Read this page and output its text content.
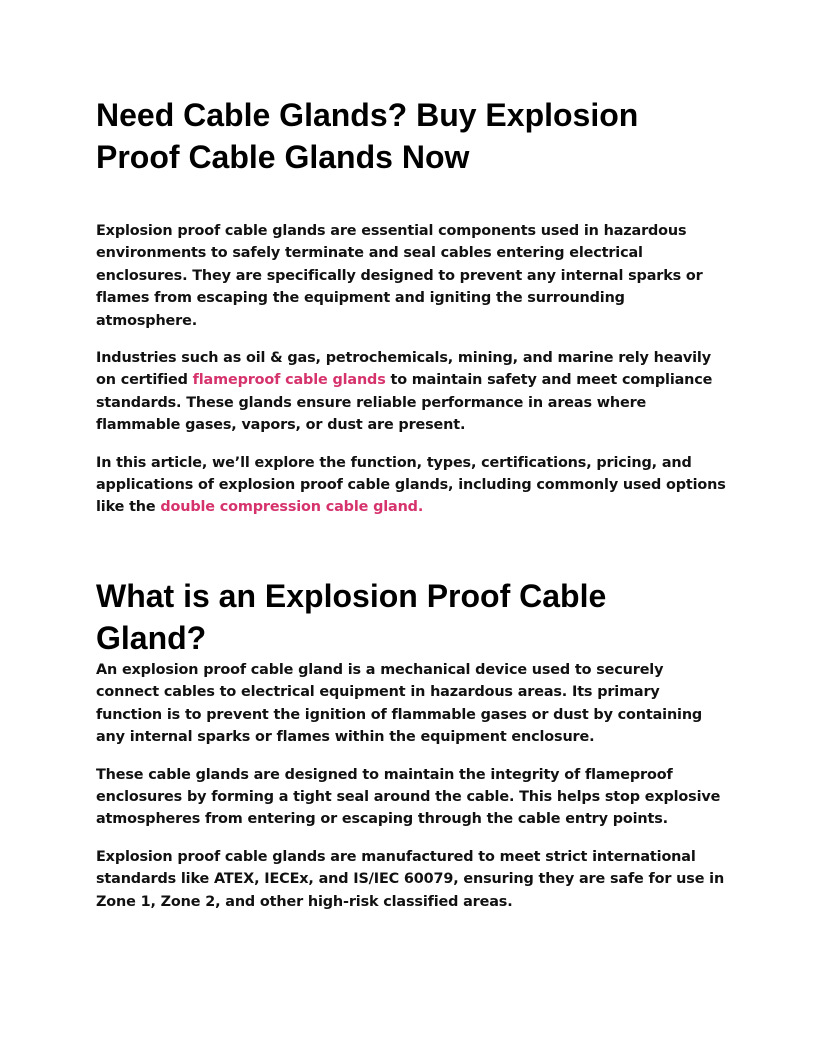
Need Cable Glands? Buy Explosion Proof Cable Glands Now

Explosion proof cable glands are essential components used in hazardous environments to safely terminate and seal cables entering electrical enclosures. They are specifically designed to prevent any internal sparks or flames from escaping the equipment and igniting the surrounding atmosphere.

Industries such as oil & gas, petrochemicals, mining, and marine rely heavily on certified flameproof cable glands to maintain safety and meet compliance standards. These glands ensure reliable performance in areas where flammable gases, vapors, or dust are present.

In this article, we’ll explore the function, types, certifications, pricing, and applications of explosion proof cable glands, including commonly used options like the double compression cable gland.

What is an Explosion Proof Cable Gland?

An explosion proof cable gland is a mechanical device used to securely connect cables to electrical equipment in hazardous areas. Its primary function is to prevent the ignition of flammable gases or dust by containing any internal sparks or flames within the equipment enclosure.

These cable glands are designed to maintain the integrity of flameproof enclosures by forming a tight seal around the cable. This helps stop explosive atmospheres from entering or escaping through the cable entry points.

Explosion proof cable glands are manufactured to meet strict international standards like ATEX, IECEx, and IS/IEC 60079, ensuring they are safe for use in Zone 1, Zone 2, and other high-risk classified areas.
